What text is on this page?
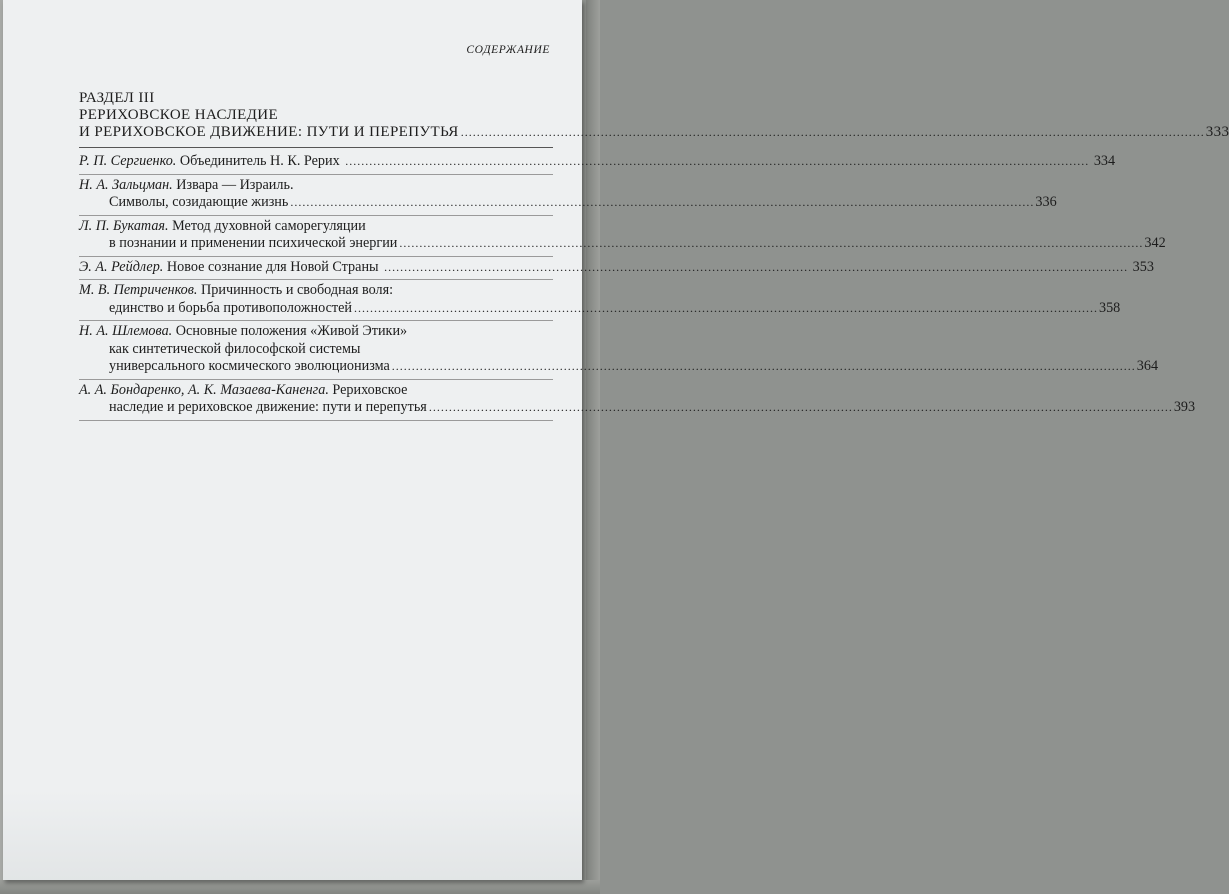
СОДЕРЖАНИЕ
РАЗДЕЛ III
РЕРИХОВСКОЕ НАСЛЕДИЕ
И РЕРИХОВСКОЕ ДВИЖЕНИЕ: ПУТИ И ПЕРЕПУТЬЯ .....	333
Р. П. Сергиенко. Объединитель Н. К. Рерих .....	334
Н. А. Зальцман. Извара — Израиль.
Символы, созидающие жизнь .....	336
Л. П. Букатая. Метод духовной саморегуляции
в познании и применении психической энергии .....	342
Э. А. Рейдлер. Новое сознание для Новой Страны .....	353
М. В. Петриченков. Причинность и свободная воля:
единство и борьба противоположностей .....	358
Н. А. Шлемова. Основные положения «Живой Этики»
как синтетической философской системы
универсального космического эволюционизма .....	364
А. А. Бондаренко, А. К. Мазаева-Каненга. Рериховское
наследие и рериховское движение: пути и перепутья .....	393
